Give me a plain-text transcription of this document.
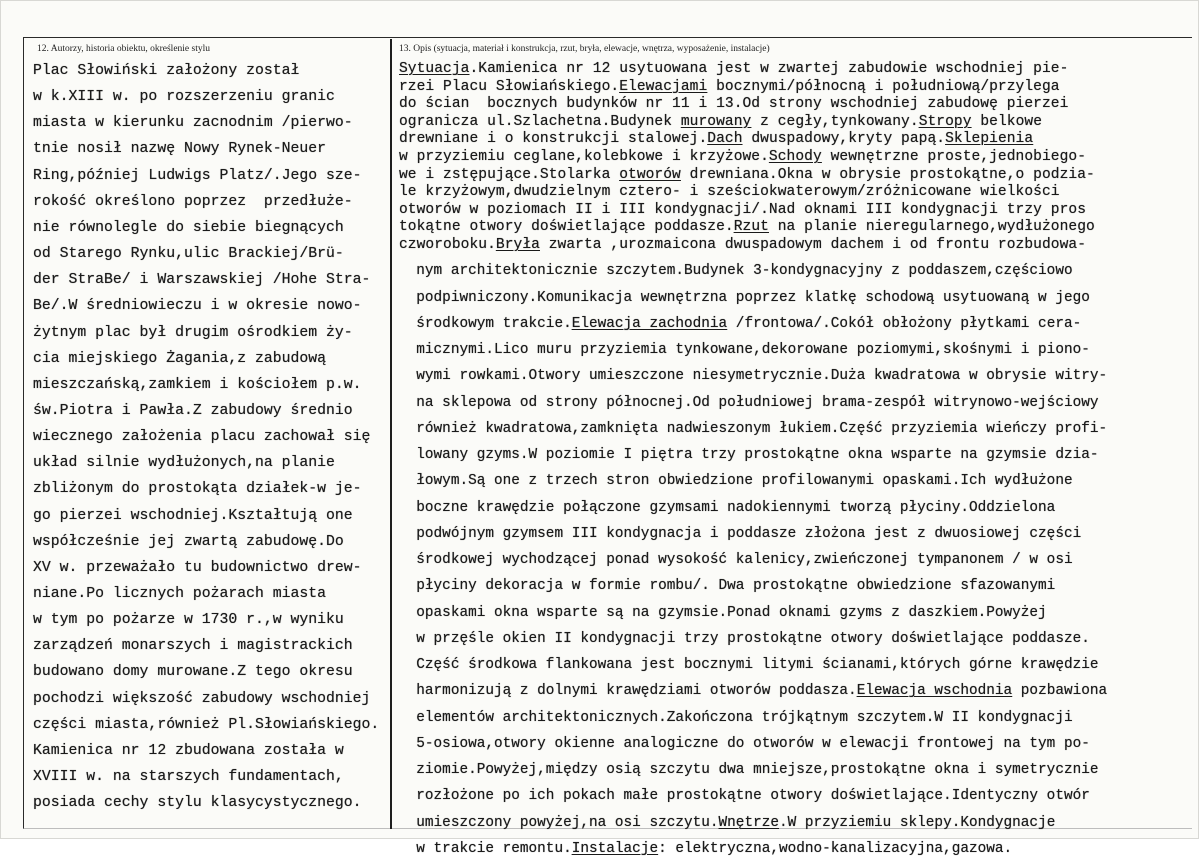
12. Autorzy, historia obiektu, określenie stylu	13. Opis (sytuacja, materiał i konstrukcja, rzut, bryła, elewacje, wnętrza, wyposażenie, instalacje)
Plac Słowiński założony został
w k.XIII w. po rozszerzeniu granic
miasta w kierunku zacnodnim /pierwo-
tnie nosił nazwę Nowy Rynek-Neuer
Ring,później Ludwigs Platz/.Jego sze-
rokość określono poprzez  przedłuże-
nie równolegle do siebie biegnących
od Starego Rynku,ulic Brackiej/Brü-
der StraBe/ i Warszawskiej /Hohe Stra-
Be/.W średniowieczu i w okresie nowo-
żytnym plac był drugim ośrodkiem ży-
cia miejskiego Żagania,z zabudową
mieszczańską,zamkiem i kościołem p.w.
św.Piotra i Pawła.Z zabudowy średnio
wiecznego założenia placu zachował się
układ silnie wydłużonych,na planie
zbliżonym do prostokąta działek-w je-
go pierzei wschodniej.Kształtują one
współcześnie jej zwartą zabudowę.Do
XV w. przeważało tu budownictwo drew-
niane.Po licznych pożarach miasta
w tym po pożarze w 1730 r.,w wyniku
zarządzeń monarszych i magistrackich
budowano domy murowane.Z tego okresu
pochodzi większość zabudowy wschodniej
części miasta,również Pl.Słowiańskiego.
Kamienica nr 12 zbudowana została w
XVIII w. na starszych fundamentach,
posiada cechy stylu klasycystycznego.
Sytuacja.Kamienica nr 12 usytuowana jest w zwartej zabudowie wschodniej pie-
rzei Placu Słowiańskiego.Elewacjami bocznymi/północną i południową/przylega
do ścian  bocznych budynków nr 11 i 13.Od strony wschodniej zabudowę pierzei
ogranicza ul.Szlachetna.Budynek murowany z cegły,tynkowany.Stropy belkowe
drewniane i o konstrukcji stalowej.Dach dwuspadowy,kryty papą.Sklepienia
w przyziemiu ceglane,kolebkowe i krzyżowe.Schody wewnętrzne proste,jednobiego-
we i zstępujące.Stolarka otworów drewniana.Okna w obrysie prostokątne,o podzia-
le krzyżowym,dwudzielnym cztero- i sześciokwaterowym/zróżnicowane wielkości
otworów w poziomach II i III kondygnacji/.Nad oknami III kondygnacji trzy pros
tokątne otwory doświetlające poddasze.Rzut na planie nieregularnego,wydłużonego
czworoboku.Bryła zwarta ,urozmaicona dwuspadowym dachem i od frontu rozbudowa-
nym architektonicznie szczytem.Budynek 3-kondygnacyjny z poddaszem,częściowo
podpiwniczony.Komunikacja wewnętrzna poprzez klatkę schodową usytuowaną w jego
środkowym trakcie.Elewacja zachodnia /frontowa/.Cokół obłożony płytkami cera-
micznymi.Lico muru przyziemia tynkowane,dekorowane poziomymi,skośnymi i piono-
wymi rowkami.Otwory umieszczone niesymetrycznie.Duża kwadratowa w obrysie witry-
na sklepowa od strony północnej.Od południowej brama-zespół witrynowo-wejściowy
również kwadratowa,zamknięta nadwieszonym łukiem.Część przyziemia wieńczy profi-
lowany gzyms.W poziomie I piętra trzy prostokątne okna wsparte na gzymsie dzia-
łowym.Są one z trzech stron obwiedzione profilowanymi opaskami.Ich wydłużone
boczne krawędzie połączone gzymsami nadokiennymi tworzą płyciny.Oddzielona
podwójnym gzymsem III kondygnacja i poddasze złożona jest z dwuosiowej części
środkowej wychodzącej ponad wysokość kalenicy,zwieńczonej tympanonem / w osi
płyciny dekoracja w formie rombu/. Dwa prostokątne obwiedzione sfazowanymi
opaskami okna wsparte są na gzymsie.Ponad oknami gzyms z daszkiem.Powyżej
w przęśle okien II kondygnacji trzy prostokątne otwory doświetlające poddasze.
Część środkowa flankowana jest bocznymi litymi ścianami,których górne krawędzie
harmonizują z dolnymi krawędziami otworów poddasza.Elewacja wschodnia pozbawiona
elementów architektonicznych.Zakończona trójkątnym szczytem.W II kondygnacji
5-osiowa,otwory okienne analogiczne do otworów w elewacji frontowej na tym po-
ziomie.Powyżej,między osią szczytu dwa mniejsze,prostokątne okna i symetrycznie
rozłożone po ich pokach małe prostokątne otwory doświetlające.Identyczny otwór
umieszczony powyżej,na osi szczytu.Wnętrze.W przyziemiu sklepy.Kondygnacje
w trakcie remontu.Instalacje: elektryczna,wodno-kanalizacyjna,gazowa.
